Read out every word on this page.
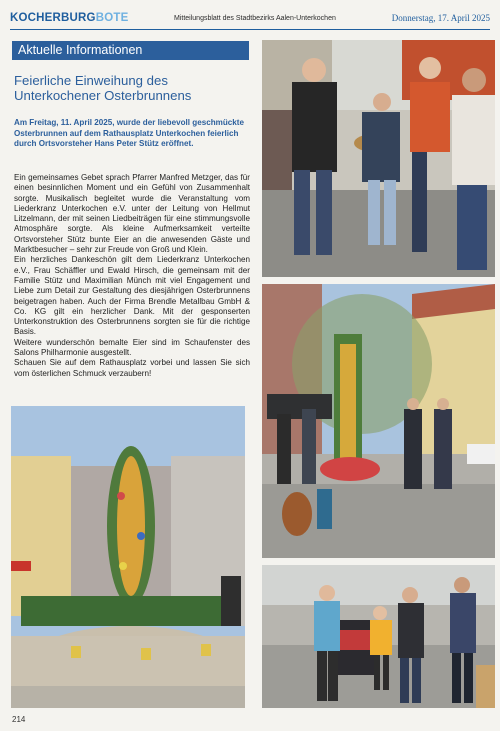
KOCHERBURGBOTE	Mitteilungsblatt des Stadtbezirks Aalen-Unterkochen	Donnerstag, 17. April 2025
Aktuelle Informationen
Feierliche Einweihung des
Unterkochener Osterbrunnens
Am Freitag, 11. April 2025, wurde der liebevoll geschmückte Osterbrunnen auf dem Rathausplatz Unterkochen feierlich durch Ortsvorsteher Hans Peter Stütz eröffnet.

Ein gemeinsames Gebet sprach Pfarrer Manfred Metzger, das für einen besinnlichen Moment und ein Gefühl von Zusammenhalt sorgte. Musikalisch begleitet wurde die Veranstaltung vom Liederkranz Unterkochen e.V. unter der Leitung von Hellmut Litzelmann, der mit seinen Liedbeiträgen für eine stimmungsvolle Atmosphäre sorgte. Als kleine Aufmerksamkeit verteilte Ortsvorsteher Stütz bunte Eier an die anwesenden Gäste und Marktbesucher – sehr zur Freude von Groß und Klein.

Ein herzliches Dankeschön gilt dem Liederkranz Unterkochen e.V., Frau Schäffler und Ewald Hirsch, die gemeinsam mit der Familie Stütz und Maximilian Münch mit viel Engagement und Liebe zum Detail zur Gestaltung des diesjährigen Osterbrunnens beigetragen haben. Auch der Firma Brendle Metallbau GmbH & Co. KG gilt ein herzlicher Dank. Mit der gesponserten Unterkonstruktion des Osterbrunnens sorgten sie für die richtige Basis.

Weitere wunderschön bemalte Eier sind im Schaufenster des Salons Philharmonie ausgestellt.

Schauen Sie auf dem Rathausplatz vorbei und lassen Sie sich vom österlichen Schmuck verzaubern!

214
